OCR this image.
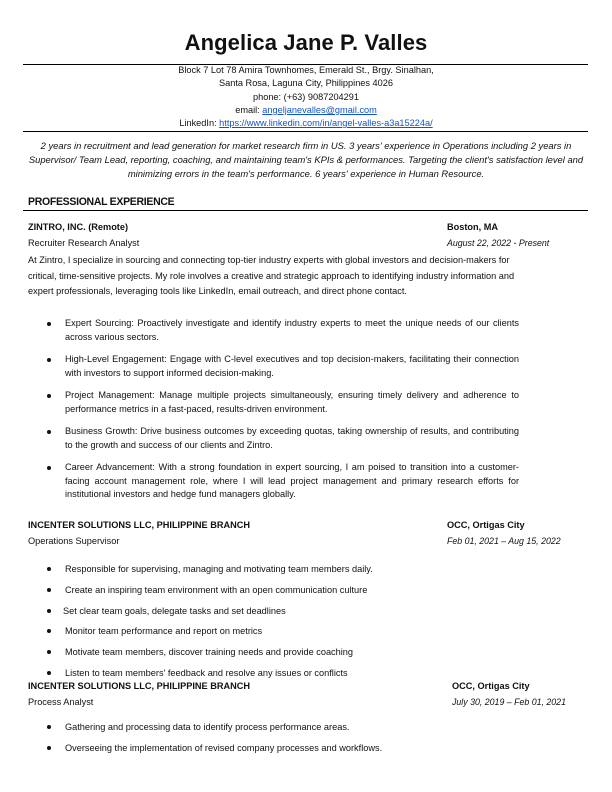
Angelica Jane P. Valles
Block 7 Lot 78 Amira Townhomes, Emerald St., Brgy. Sinalhan,
Santa Rosa, Laguna City, Philippines 4026
phone: (+63) 9087204291
email: angeljanevalles@gmail.com
LinkedIn: https://www.linkedin.com/in/angel-valles-a3a15224a/
2 years in recruitment and lead generation for market research firm in US. 3 years' experience in Operations including 2 years in Supervisor/ Team Lead, reporting, coaching, and maintaining team's KPIs & performances. Targeting the client's satisfaction level and minimizing errors in the team's performance. 6 years' experience in Human Resource.
PROFESSIONAL EXPERIENCE
ZINTRO, INC. (Remote)	Boston, MA
Recruiter Research Analyst	August 22, 2022 - Present
At Zintro, I specialize in sourcing and connecting top-tier industry experts with global investors and decision-makers for critical, time-sensitive projects. My role involves a creative and strategic approach to identifying industry information and expert professionals, leveraging tools like LinkedIn, email outreach, and direct phone contact.
Expert Sourcing: Proactively investigate and identify industry experts to meet the unique needs of our clients across various sectors.
High-Level Engagement: Engage with C-level executives and top decision-makers, facilitating their connection with investors to support informed decision-making.
Project Management: Manage multiple projects simultaneously, ensuring timely delivery and adherence to performance metrics in a fast-paced, results-driven environment.
Business Growth: Drive business outcomes by exceeding quotas, taking ownership of results, and contributing to the growth and success of our clients and Zintro.
Career Advancement: With a strong foundation in expert sourcing, I am poised to transition into a customer-facing account management role, where I will lead project management and primary research efforts for institutional investors and hedge fund managers globally.
INCENTER SOLUTIONS LLC, PHILIPPINE BRANCH	OCC, Ortigas City
Operations Supervisor	Feb 01, 2021 – Aug 15, 2022
Responsible for supervising, managing and motivating team members daily.
Create an inspiring team environment with an open communication culture
Set clear team goals, delegate tasks and set deadlines
Monitor team performance and report on metrics
Motivate team members, discover training needs and provide coaching
Listen to team members' feedback and resolve any issues or conflicts
INCENTER SOLUTIONS LLC, PHILIPPINE BRANCH	OCC, Ortigas City
Process Analyst	July 30, 2019 – Feb 01, 2021
Gathering and processing data to identify process performance areas.
Overseeing the implementation of revised company processes and workflows.
